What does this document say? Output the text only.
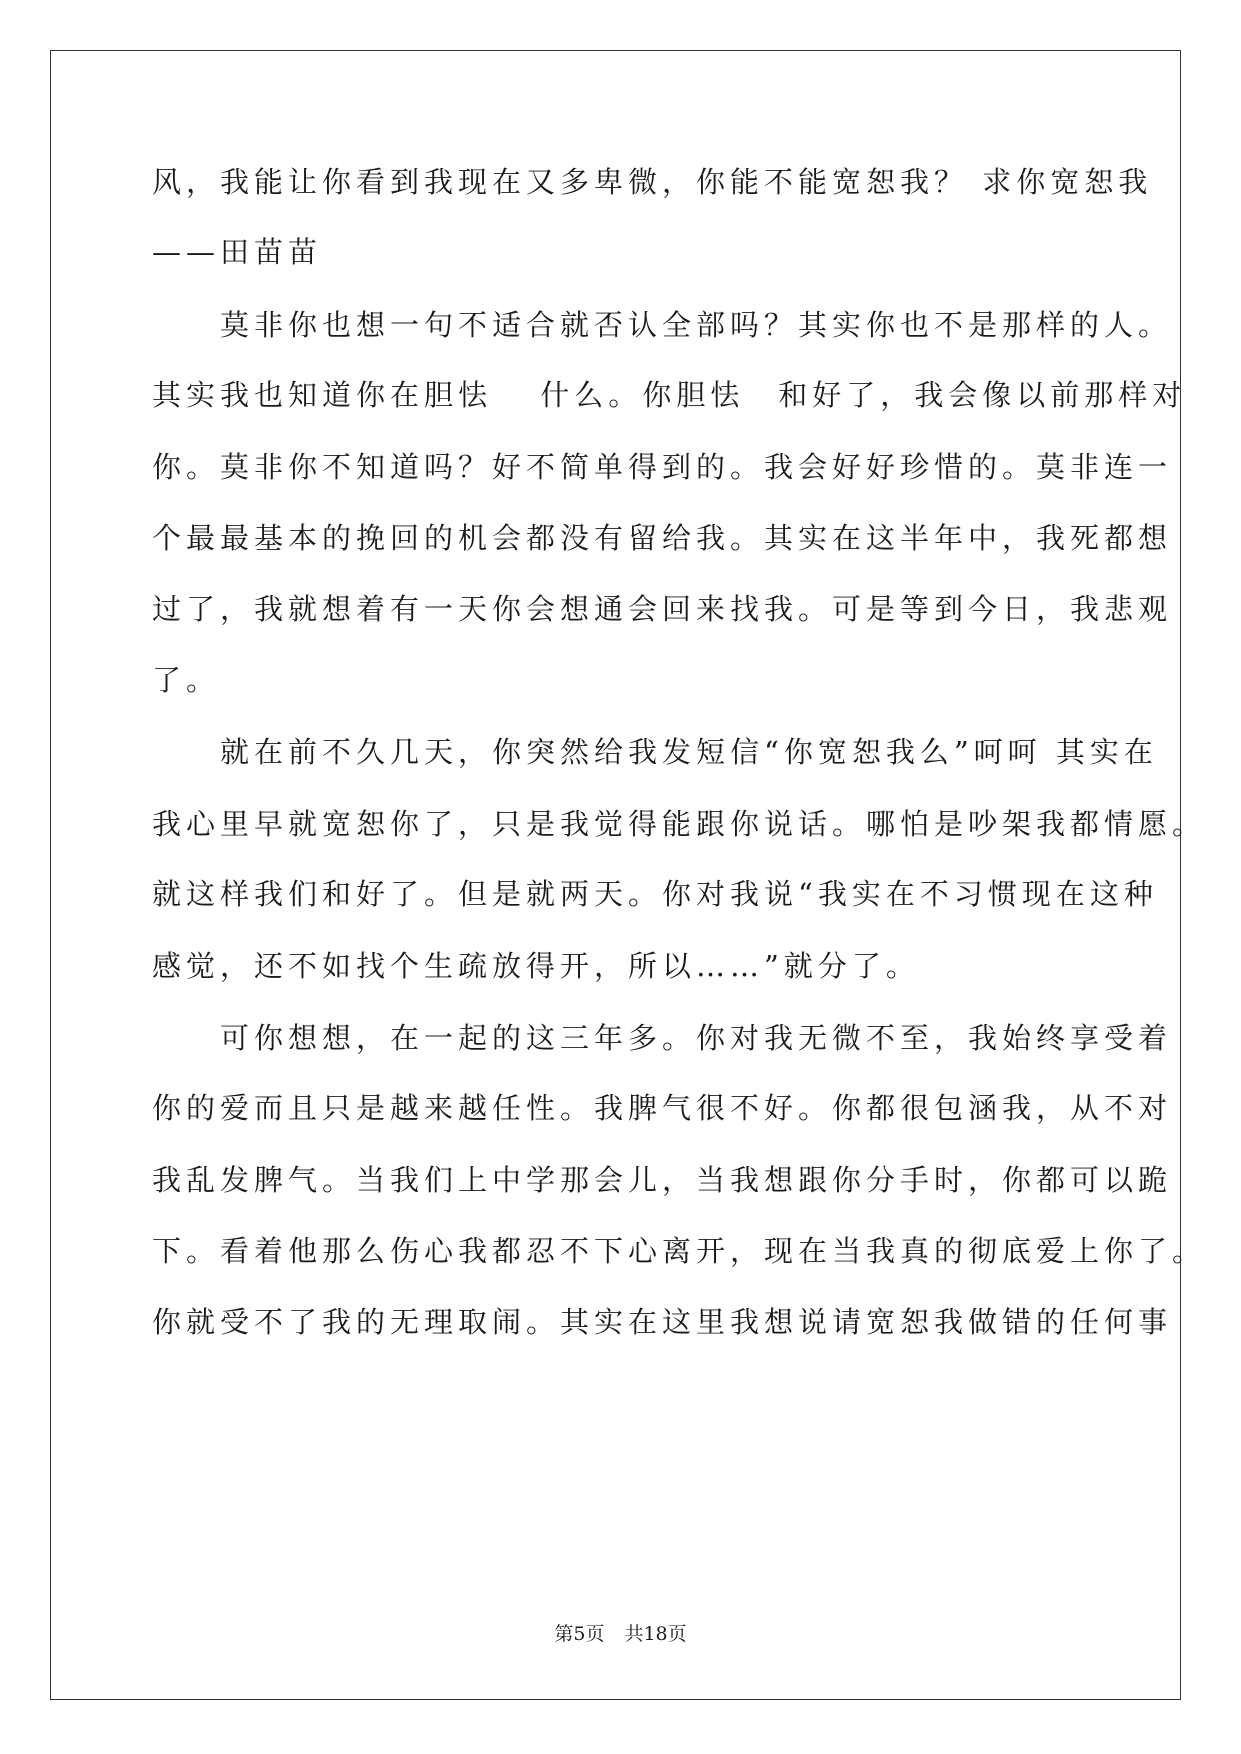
风，我能让你看到我现在又多卑微，你能不能宽恕我？ 求你宽恕我
——田苗苗
　　莫非你也想一句不适合就否认全部吗？其实你也不是那样的人。
其实我也知道你在胆怯　 什么。你胆怯　和好了，我会像以前那样对
你。莫非你不知道吗？好不简单得到的。我会好好珍惜的。莫非连一
个最最基本的挽回的机会都没有留给我。其实在这半年中，我死都想
过了，我就想着有一天你会想通会回来找我。可是等到今日，我悲观
了。
　　就在前不久几天，你突然给我发短信“你宽恕我么”呵呵 其实在
我心里早就宽恕你了，只是我觉得能跟你说话。哪怕是吵架我都情愿。
就这样我们和好了。但是就两天。你对我说“我实在不习惯现在这种
感觉，还不如找个生疏放得开，所以……”就分了。
　　可你想想，在一起的这三年多。你对我无微不至，我始终享受着
你的爱而且只是越来越任性。我脾气很不好。你都很包涵我，从不对
我乱发脾气。当我们上中学那会儿，当我想跟你分手时，你都可以跪
下。看着他那么伤心我都忍不下心离开，现在当我真的彻底爱上你了。
你就受不了我的无理取闹。其实在这里我想说请宽恕我做错的任何事
第5页 共18页
